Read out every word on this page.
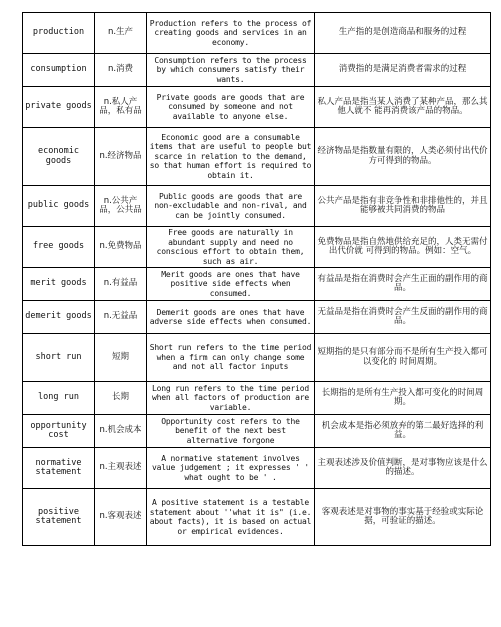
production	n.生产	Production refers to the process of creating goods and services in an economy.	生产指的是创造商品和服务的过程
consumption	n.消费	Consumption refers to the process by which consumers satisfy their wants.	消费指的是满足消费者需求的过程
private goods	n.私人产品，私有品	Private goods are goods that are consumed by someone and not available to anyone else.	私人产品是指当某人消费了某种产品，那么其他人就不 能再消费该产品的物品。
economic goods	n.经济物品	Economic good are a consumable items that are useful to people but scarce in relation to the demand, so that human effort is required to obtain it.	经济物品是指数量有限的，人类必须付出代价方可得到的物品。
public goods	n.公共产品，公共品	Public goods are goods that are non-excludable and non-rival, and can be jointly consumed.	公共产品是指有非竞争性和非排他性的，并且能够被共同消费的物品
free goods	n.免费物品	Free goods are naturally in abundant supply and need no conscious effort to obtain them, such as air.	免费物品是指自然地供给充足的，人类无需付出代价就 可得到的物品。例如：空气。
merit goods	n.有益品	Merit goods are ones that have positive side effects when consumed.	有益品是指在消费时会产生正面的副作用的商品。
demerit goods	n.无益品	Demerit goods are ones that have adverse side effects when consumed.	无益品是指在消费时会产生反面的副作用的商品。
short run	短期	Short run refers to the time period when a firm can only change some and not all factor inputs	短期指的是只有部分而不是所有生产投入都可以变化的 时间周期。
long run	长期	Long run refers to the time period when all factors of production are variable.	长期指的是所有生产投入都可变化的时间周期。
opportunity cost	n.机会成本	Opportunity cost refers to the benefit of the next best alternative forgone	机会成本是指必须放弃的第二最好选择的利益。
normative statement	n.主观表述	A normative statement involves value judgement ; it expresses ' ' what ought to be ' .	主观表述涉及价值判断，是对事物应该是什么的描述。
positive statement	n.客观表述	A positive statement is a testable statement about ''what it is" (i.e. about facts), it is based on actual or empirical evidences.	客观表述是对事物的事实基于经验或实际论据，可验证的描述。
